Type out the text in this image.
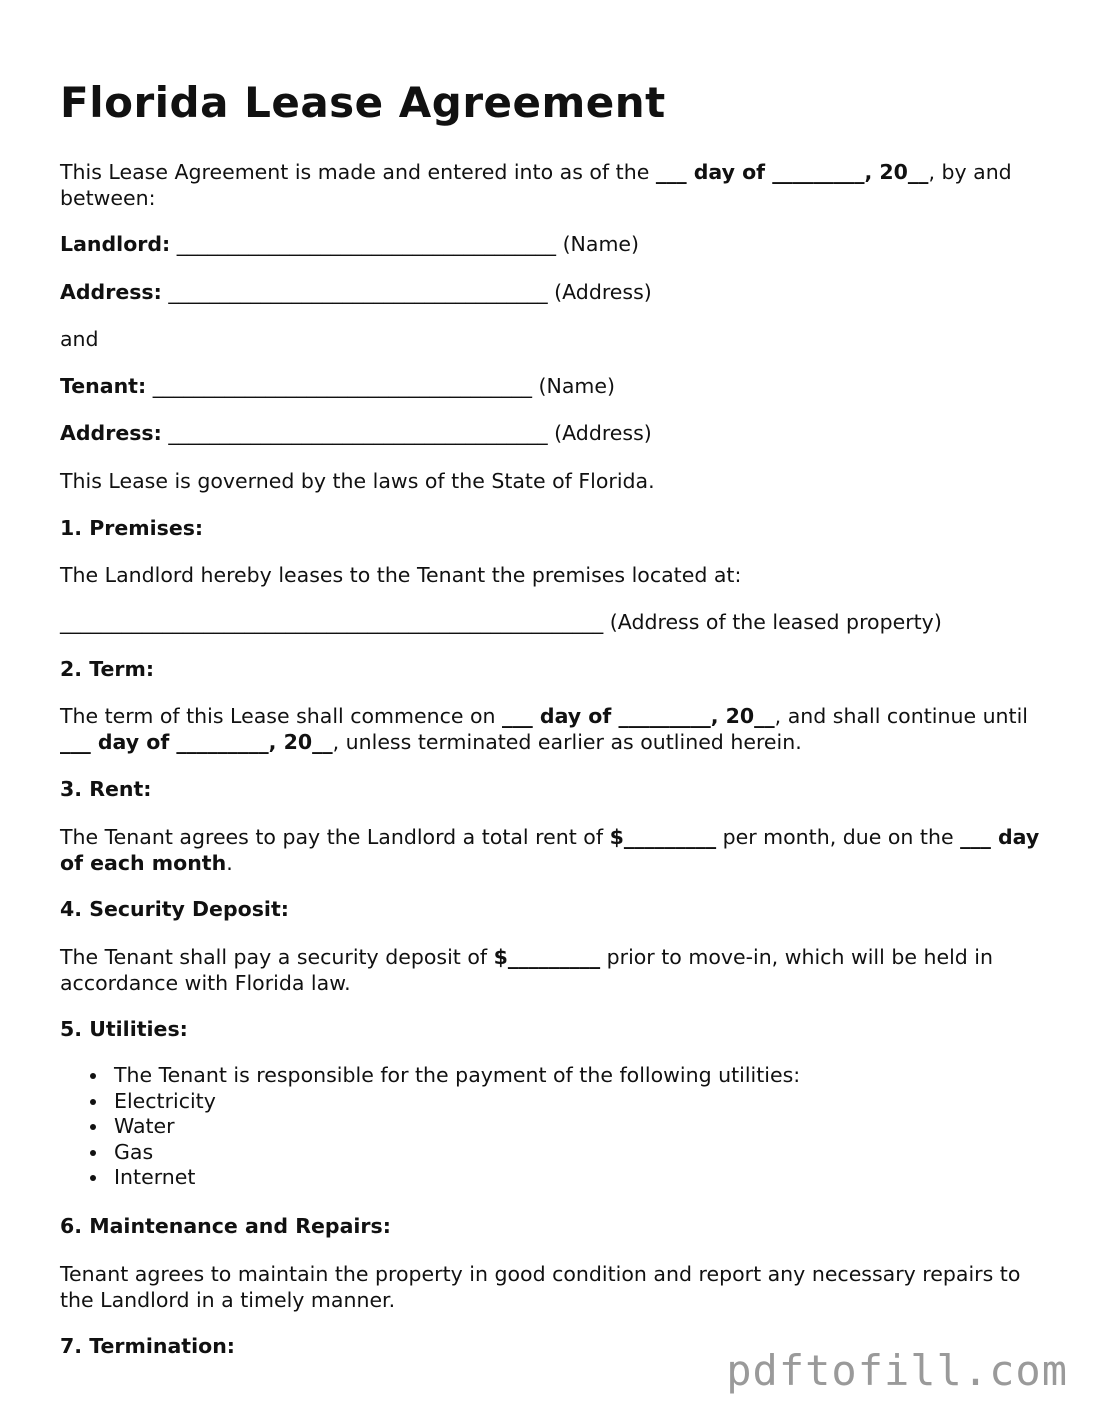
Florida Lease Agreement
This Lease Agreement is made and entered into as of the ___ day of _________, 20__, by and between:
Landlord: _____________________________________ (Name)
Address: _____________________________________ (Address)
and
Tenant: _____________________________________ (Name)
Address: _____________________________________ (Address)
This Lease is governed by the laws of the State of Florida.
1. Premises:
The Landlord hereby leases to the Tenant the premises located at:
_____________________________________________________ (Address of the leased property)
2. Term:
The term of this Lease shall commence on ___ day of _________, 20__, and shall continue until ___ day of _________, 20__, unless terminated earlier as outlined herein.
3. Rent:
The Tenant agrees to pay the Landlord a total rent of $_________ per month, due on the ___ day of each month.
4. Security Deposit:
The Tenant shall pay a security deposit of $_________ prior to move-in, which will be held in accordance with Florida law.
5. Utilities:
The Tenant is responsible for the payment of the following utilities:
Electricity
Water
Gas
Internet
6. Maintenance and Repairs:
Tenant agrees to maintain the property in good condition and report any necessary repairs to the Landlord in a timely manner.
7. Termination:	pdftofill.com
